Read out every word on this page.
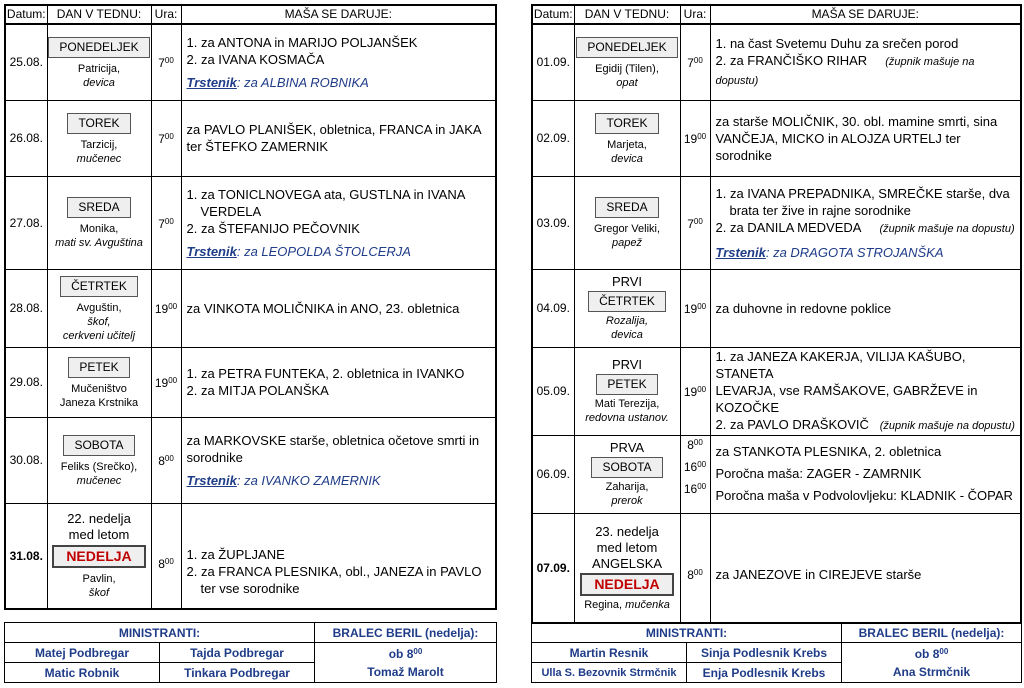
Datum:	DAN V TEDNU:	Ura:	MAŠA SE DARUJE:
25.08.	PONEDELJEK
Patricija,
devica	$7^{00}$	1. za ANTONA in MARIJO POLJANŠEK
2. za IVANA KOSMAČA
Trstenik: za ALBINA ROBNIKA

26.08.	TOREK
Tarzicij,
mučenec	$7^{00}$	za PAVLO PLANIŠEK, obletnica, FRANCA in JAKA
ter ŠTEFKO ZAMERNIK

27.08.	SREDA
Monika,
mati sv. Avguština	$7^{00}$	1. za TONICLNOVEGA ata, GUSTLNA in IVANA
VERDELA
2. za ŠTEFANIJO PEČOVNIK
Trstenik: za LEOPOLDA ŠTOLCERJA

28.08.	ČETRTEK
Avguštin,
škof,
cerkveni učitelj	$19^{00}$	za VINKOTA MOLIČNIKA in ANO, 23. obletnica

29.08.	PETEK
Mučeništvo
Janeza Krstnika	$19^{00}$	1. za PETRA FUNTEKA, 2. obletnica in IVANKO
2. za MITJA POLANŠKA

30.08.	SOBOTA
Feliks (Srečko),
mučenec	$8^{00}$	za MARKOVSKE starše, obletnica očetove smrti in
sorodnike
Trstenik: za IVANKO ZAMERNIK

31.08.	22. nedelja
med letom
NEDELJA
Pavlin,
škof	$8^{00}$	1. za ŽUPLJANE
2. za FRANCA PLESNIKA, obl., JANEZA in PAVLO
ter vse sorodnike
Datum:	DAN V TEDNU:	Ura:	MAŠA SE DARUJE:
01.09.	PONEDELJEK
Egidij (Tilen),
opat	$7^{00}$	1. na čast Svetemu Duhu za srečen porod
2. za FRANČIŠKO RIHAR (župnik mašuje na dopustu)

02.09.	TOREK
Marjeta,
devica	$19^{00}$	za starše MOLIČNIK, 30. obl. mamine smrti, sina
VANČEJA, MICKO in ALOJZA URTELJ ter sorodnike

03.09.	SREDA
Gregor Veliki,
papež	$7^{00}$	1. za IVANA PREPADNIKA, SMREČKE starše, dva
brata ter žive in rajne sorodnike
2. za DANILA MEDVEDA (župnik mašuje na dopustu)
Trstenik: za DRAGOTA STROJANŠKA

04.09.	PRVI
ČETRTEK
Rozalija,
devica	$19^{00}$	za duhovne in redovne poklice

05.09.	PRVI
PETEK
Mati Terezija,
redovna ustanov.	$19^{00}$	1. za JANEZA KAKERJA, VILIJA KAŠUBO, STANETA
LEVARJA, vse RAMŠAKOVE, GABRŽEVE in KOZOČKE
2. za PAVLO DRAŠKOVIČ (župnik mašuje na dopustu)

06.09.	PRVA
SOBOTA
Zaharija,
prerok	$8^{00}$
$16^{00}$
$16^{00}$	za STANKOTA PLESNIKA, 2. obletnica
Poročna maša: ZAGER - ZAMRNIK
Poročna maša v Podvolovljeku: KLADNIK - ČOPAR

07.09.	23. nedelja
med letom
ANGELSKA
NEDELJA
Regina, mučenka	$8^{00}$	za JANEZOVE in CIREJEVE starše
MINISTRANTI:		BRALEC BERIL (nedelja):
Matej Podbregar	Tajda Podbregar	ob $8^{00}$
Tomaž Marolt
Matic Robnik	Tinkara Podbregar	
MINISTRANTI:		BRALEC BERIL (nedelja):
Martin Resnik	Sinja Podlesnik Krebs	ob $8^{00}$
Ana Strmčnik
Ulla S. Bezovnik Strmčnik	Enja Podlesnik Krebs	
